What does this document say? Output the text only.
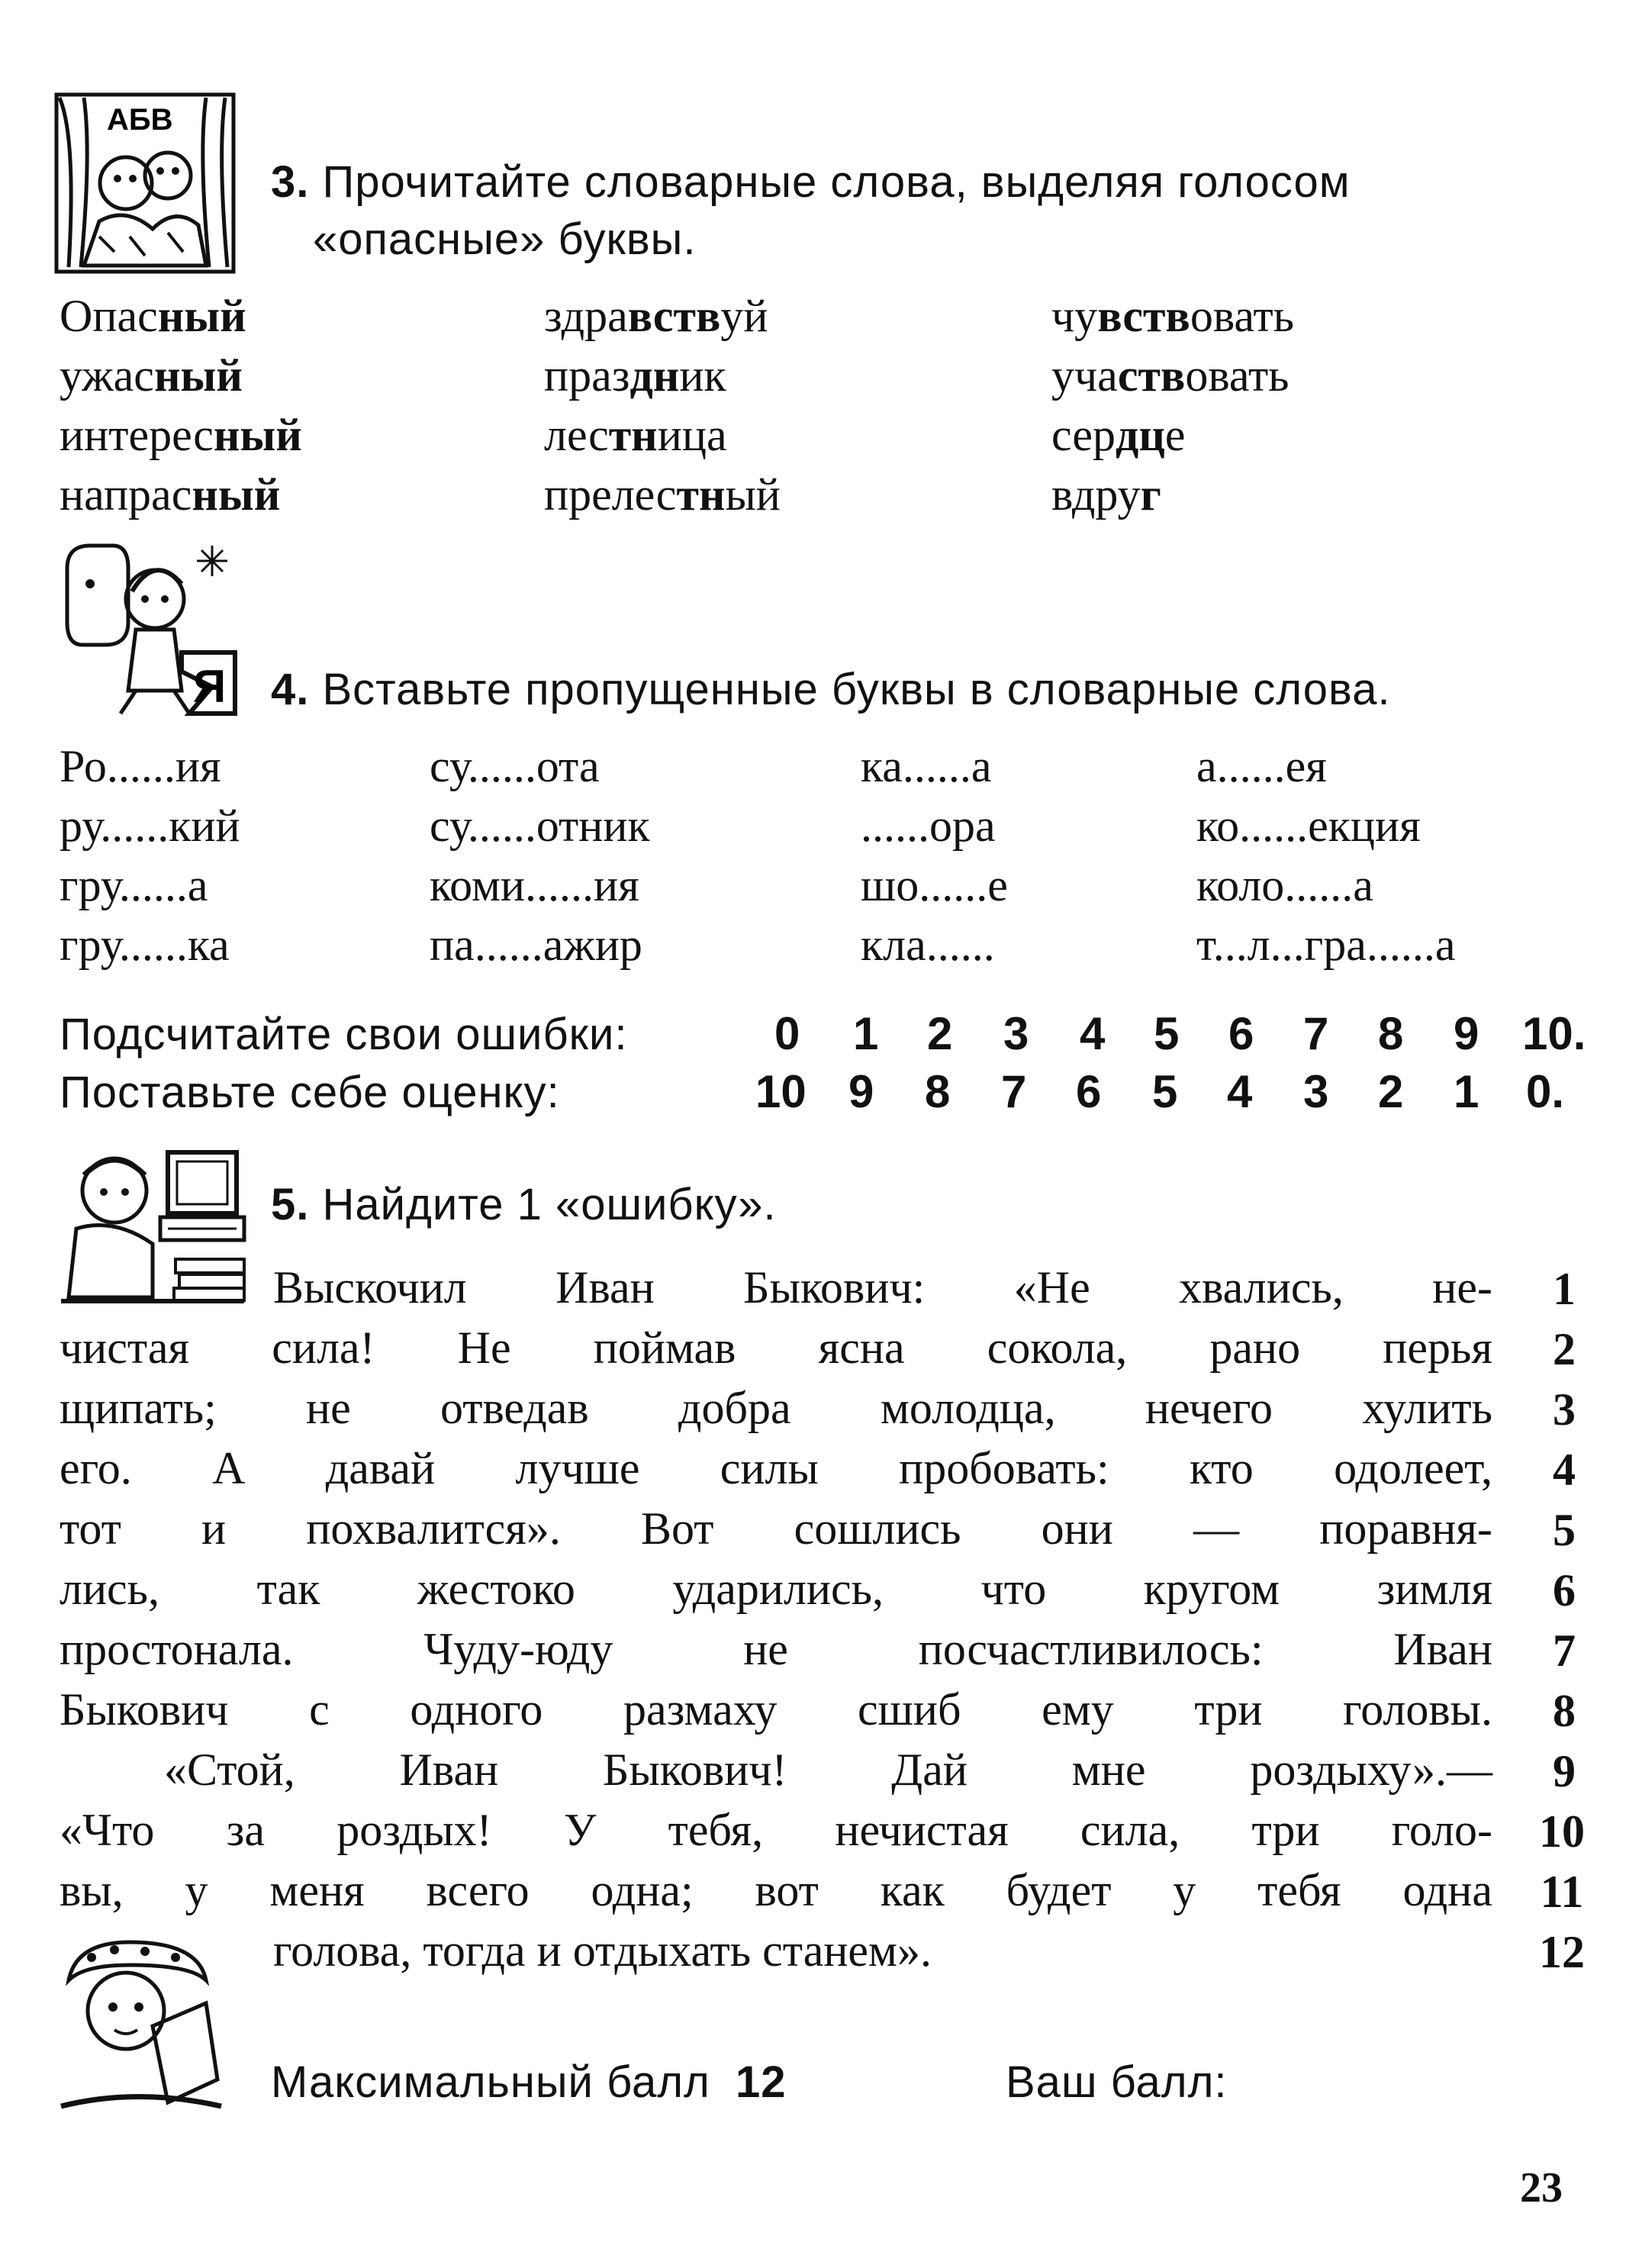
АБВ
3. Прочитайте словарные слова, выделяя голосом
«опасные» буквы.
Опасный
ужасный
интересный
напрасный
здравствуй
праздник
лестница
прелестный
чувствовать
участвовать
сердце
вдруг
Я 4. Вставьте пропущенные буквы в словарные слова.
Ро......ия
ру......кий
гру......а
гру......ка
су......ота
су......отник
коми......ия
па......ажир
ка......а
......ора
шо......е
кла......
а......ея
ко......екция
коло......а
т...л...гра......а
Подсчитайте свои ошибки:
Поставьте себе оценку:
0 1 2 3 4 5 6 7 8 9 10.
10 9 8 7 6 5 4 3 2 1 0.
5. Найдите 1 «ошибку».
Выскочил Иван Быкович: «Не хвались, не-
чистая сила! Не поймав ясна сокола, рано перья
щипать; не отведав добра молодца, нечего хулить
его. А давай лучше силы пробовать: кто одолеет,
тот и похвалится». Вот сошлись они — поравня-
лись, так жестоко ударились, что кругом зимля
простонала. Чуду-юду не посчастливилось: Иван
Быкович с одного размаху сшиб ему три головы.
«Стой, Иван Быкович! Дай мне роздыху».—
«Что за роздых! У тебя, нечистая сила, три голо-
вы, у меня всего одна; вот как будет у тебя одна
голова, тогда и отдыхать станем».
1
2
3
4
5
6
7
8
9
10
11
12
Максимальный балл 12	Ваш балл:
23
